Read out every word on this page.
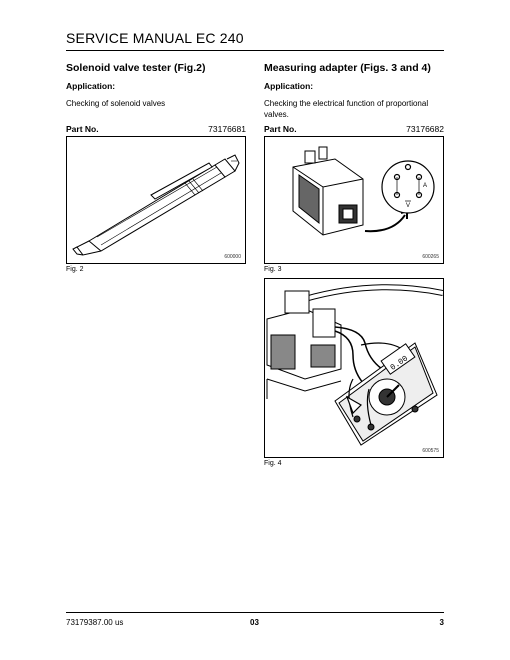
SERVICE MANUAL EC 240
Solenoid valve tester (Fig.2)
Application:
Checking of solenoid valves
Part No.	73176681
600000
Fig. 2
Measuring adapter (Figs. 3 and 4)
Application:
Checking the electrical function of proportional
valves.
Part No.	73176682
A
V
600265
Fig. 3
0.00
600575
Fig. 4
73179387.00 us	03	3
